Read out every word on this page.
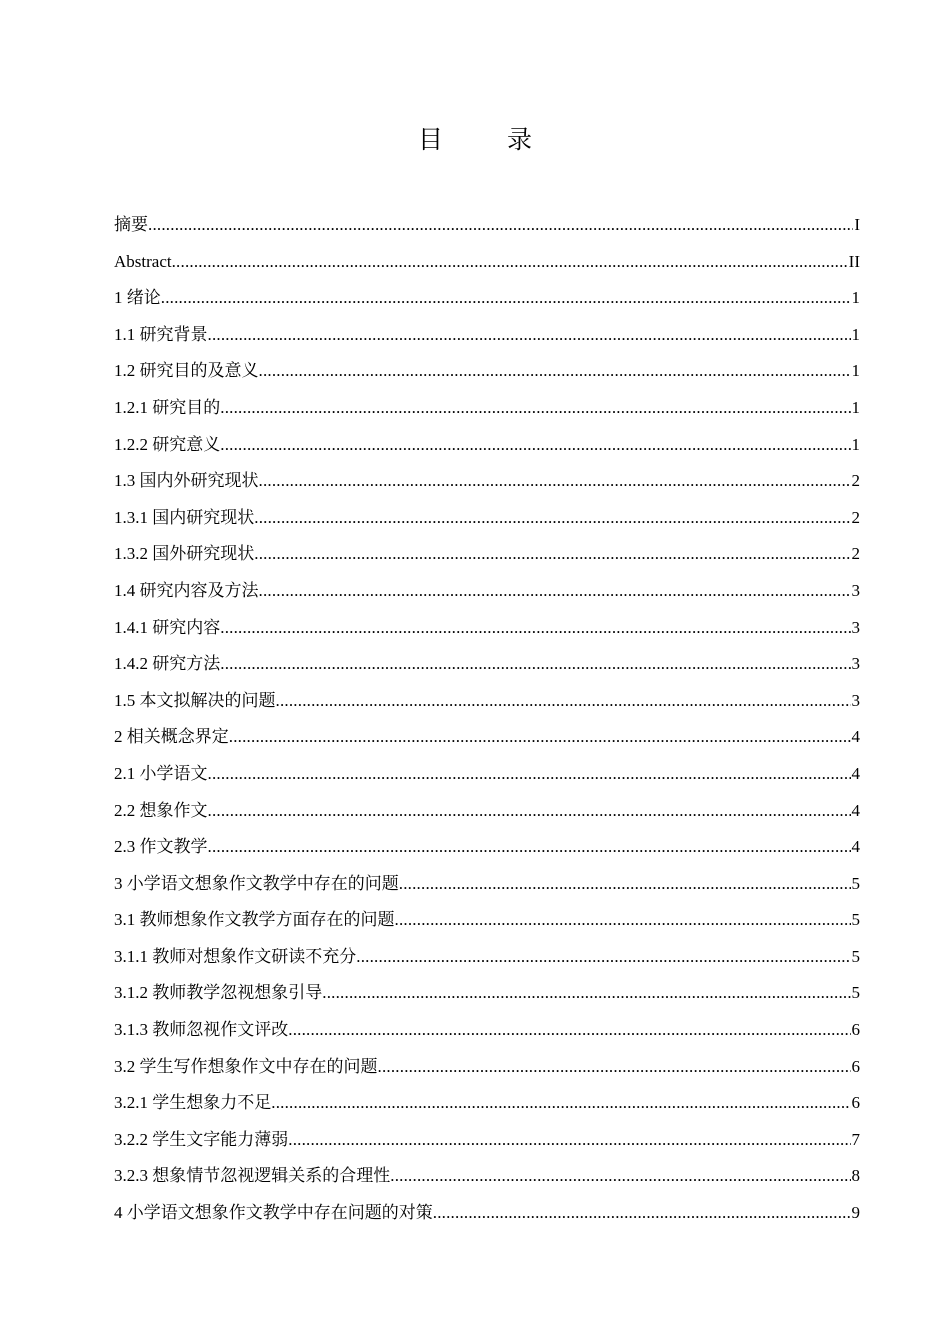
目 录
摘要 .....	I
Abstract .....	II
1 绪论 .....	1
1.1 研究背景 .....	1
1.2 研究目的及意义 .....	1
1.2.1 研究目的 .....	1
1.2.2 研究意义 .....	1
1.3 国内外研究现状 .....	2
1.3.1 国内研究现状 .....	2
1.3.2 国外研究现状 .....	2
1.4 研究内容及方法 .....	3
1.4.1 研究内容 .....	3
1.4.2 研究方法 .....	3
1.5 本文拟解决的问题 .....	3
2 相关概念界定 .....	4
2.1 小学语文 .....	4
2.2 想象作文 .....	4
2.3 作文教学 .....	4
3 小学语文想象作文教学中存在的问题 .....	5
3.1 教师想象作文教学方面存在的问题 .....	5
3.1.1 教师对想象作文研读不充分 .....	5
3.1.2 教师教学忽视想象引导 .....	5
3.1.3 教师忽视作文评改 .....	6
3.2 学生写作想象作文中存在的问题 .....	6
3.2.1 学生想象力不足 .....	6
3.2.2 学生文字能力薄弱 .....	7
3.2.3 想象情节忽视逻辑关系的合理性 .....	8
4 小学语文想象作文教学中存在问题的对策 .....	9
